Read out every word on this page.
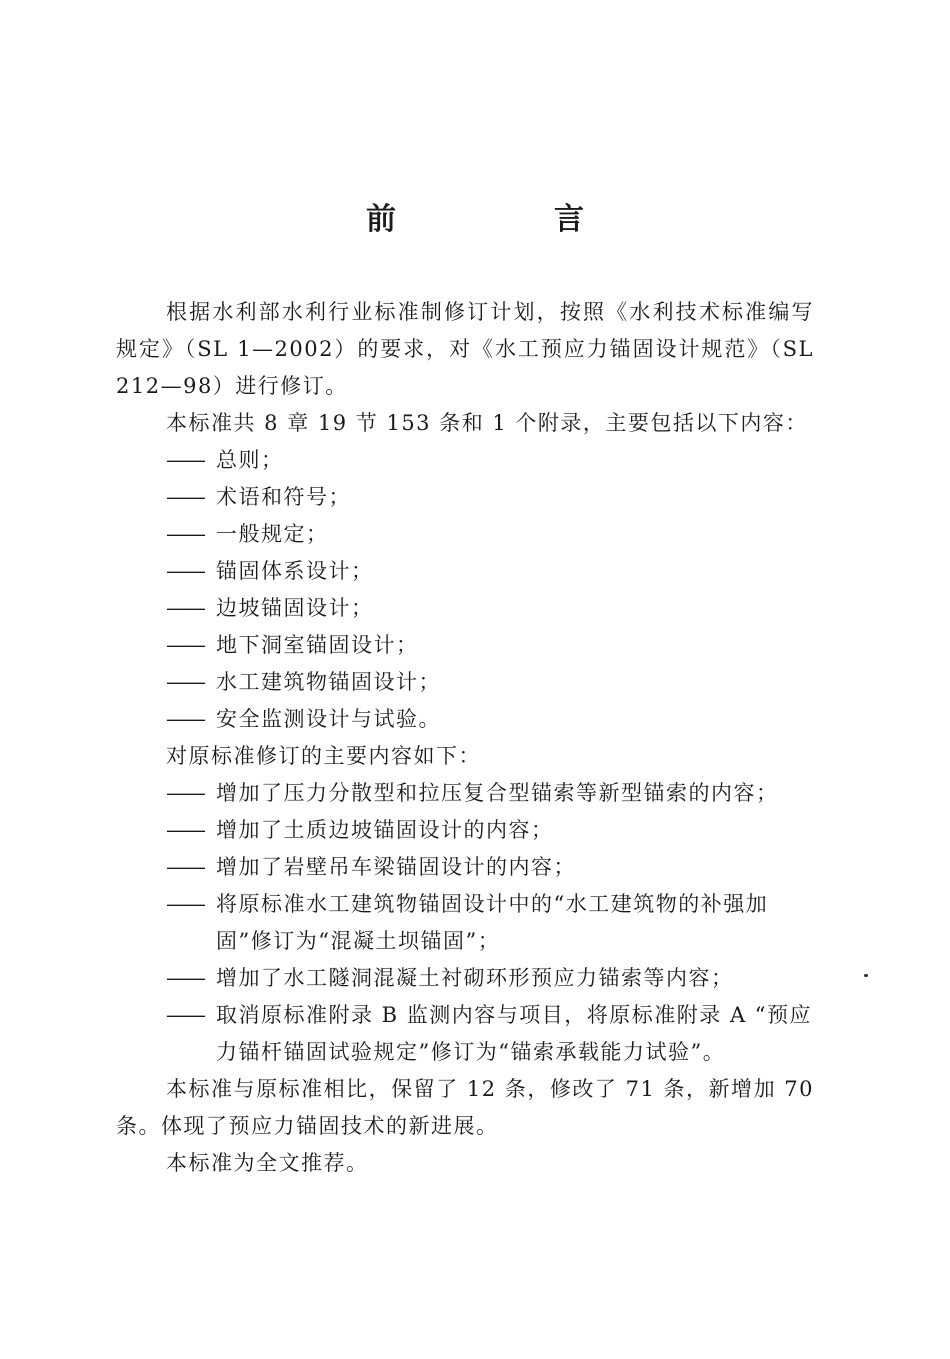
前　言

根据水利部水利行业标准制修订计划，按照《水利技术标准编写规定》（SL 1—2002）的要求，对《水工预应力锚固设计规范》（SL 212—98）进行修订。

本标准共 8 章 19 节 153 条和 1 个附录，主要包括以下内容：

—— 总则；
—— 术语和符号；
—— 一般规定；
—— 锚固体系设计；
—— 边坡锚固设计；
—— 地下洞室锚固设计；
—— 水工建筑物锚固设计；
—— 安全监测设计与试验。

对原标准修订的主要内容如下：

—— 增加了压力分散型和拉压复合型锚索等新型锚索的内容；
—— 增加了土质边坡锚固设计的内容；
—— 增加了岩壁吊车梁锚固设计的内容；
—— 将原标准水工建筑物锚固设计中的“水工建筑物的补强加固”修订为“混凝土坝锚固”；
—— 增加了水工隧洞混凝土衬砌环形预应力锚索等内容；
—— 取消原标准附录 B 监测内容与项目，将原标准附录 A “预应力锚杆锚固试验规定”修订为“锚索承载能力试验”。

本标准与原标准相比，保留了 12 条，修改了 71 条，新增加 70 条。体现了预应力锚固技术的新进展。

本标准为全文推荐。
